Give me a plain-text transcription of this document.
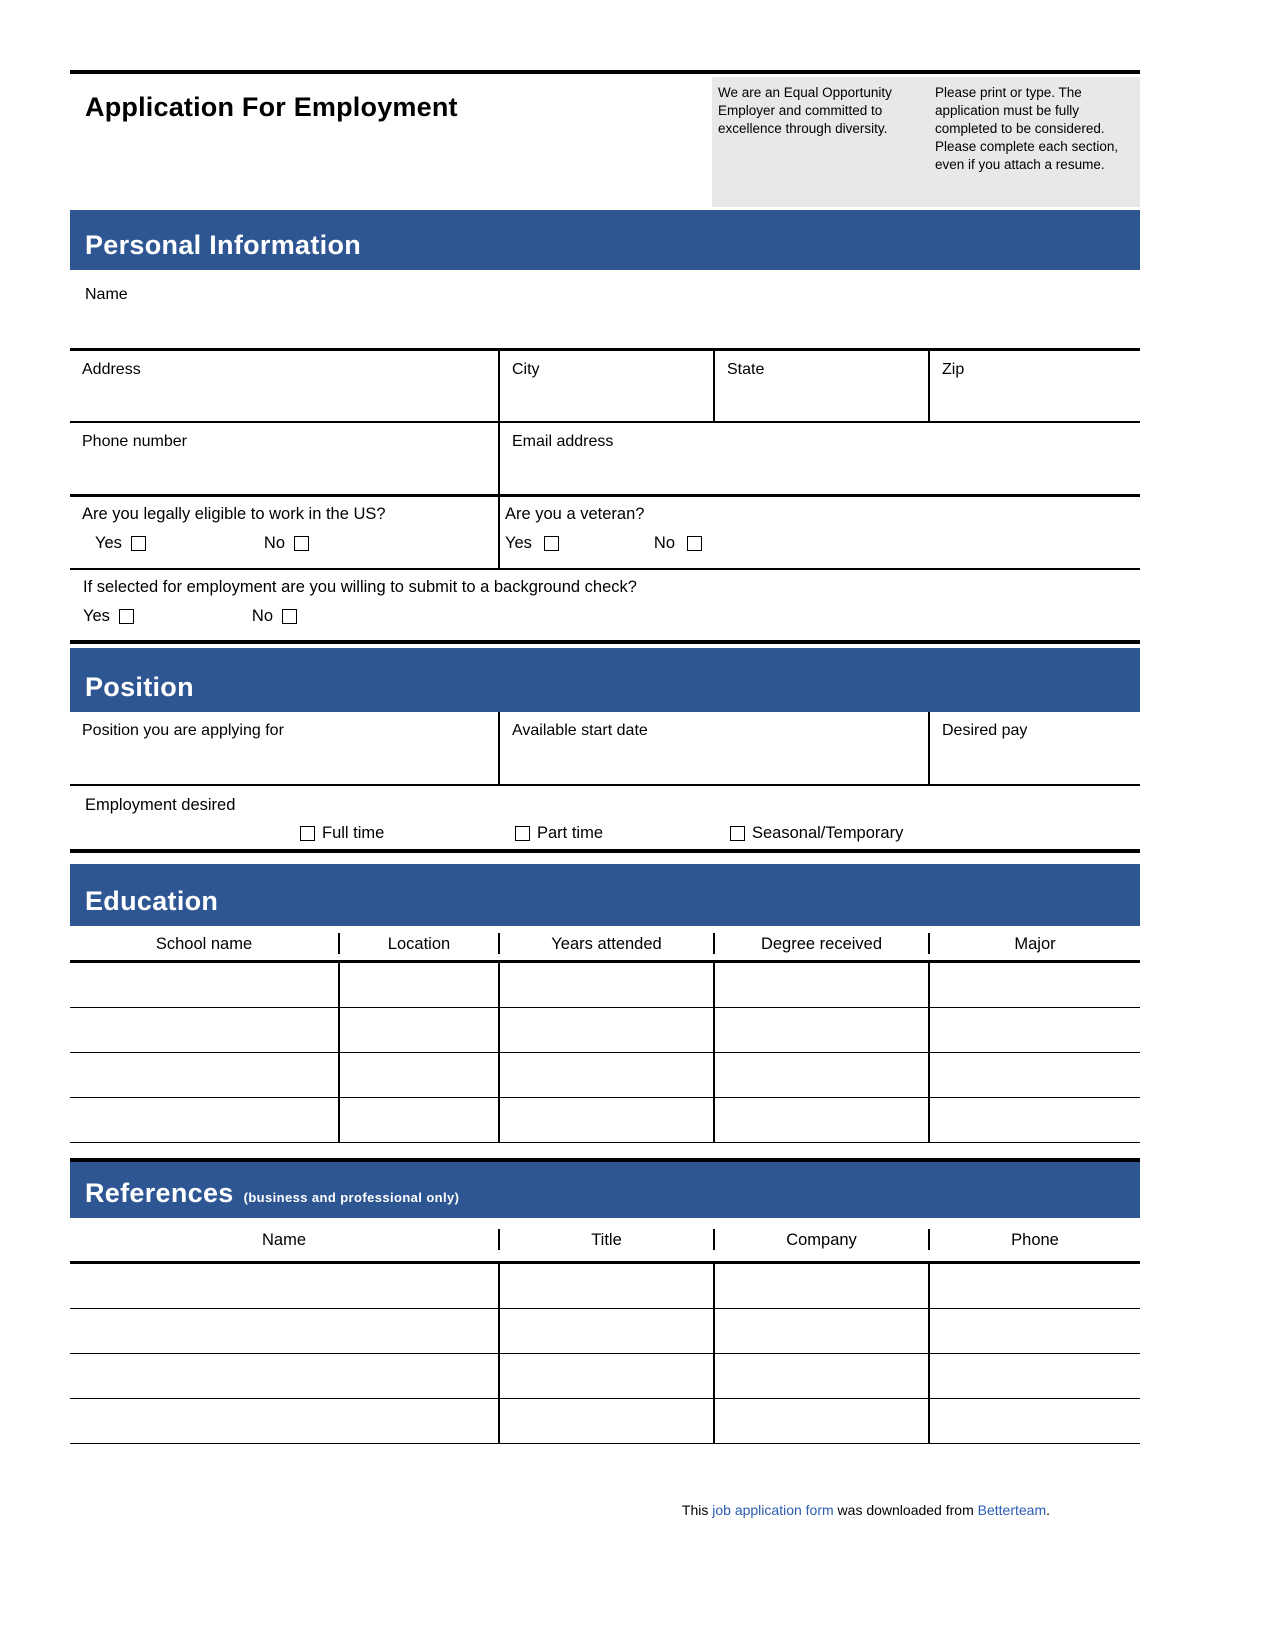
Application For Employment	We are an Equal Opportunity Employer and committed to excellence through diversity.
Please print or type. The application must be fully completed to be considered. Please complete each section, even if you attach a resume.
Personal Information
Name
Address	City	State	Zip
Phone number	Email address
Are you legally eligible to work in the US?
Yes	No
Are you a veteran?
Yes	No
If selected for employment are you willing to submit to a background check?
Yes	No
Position
Position you are applying for	Available start date	Desired pay
Employment desired
Full time	Part time	Seasonal/Temporary
Education
School name	Location	Years attended	Degree received	Major
References (business and professional only)
Name	Title	Company	Phone
This job application form was downloaded from Betterteam.
